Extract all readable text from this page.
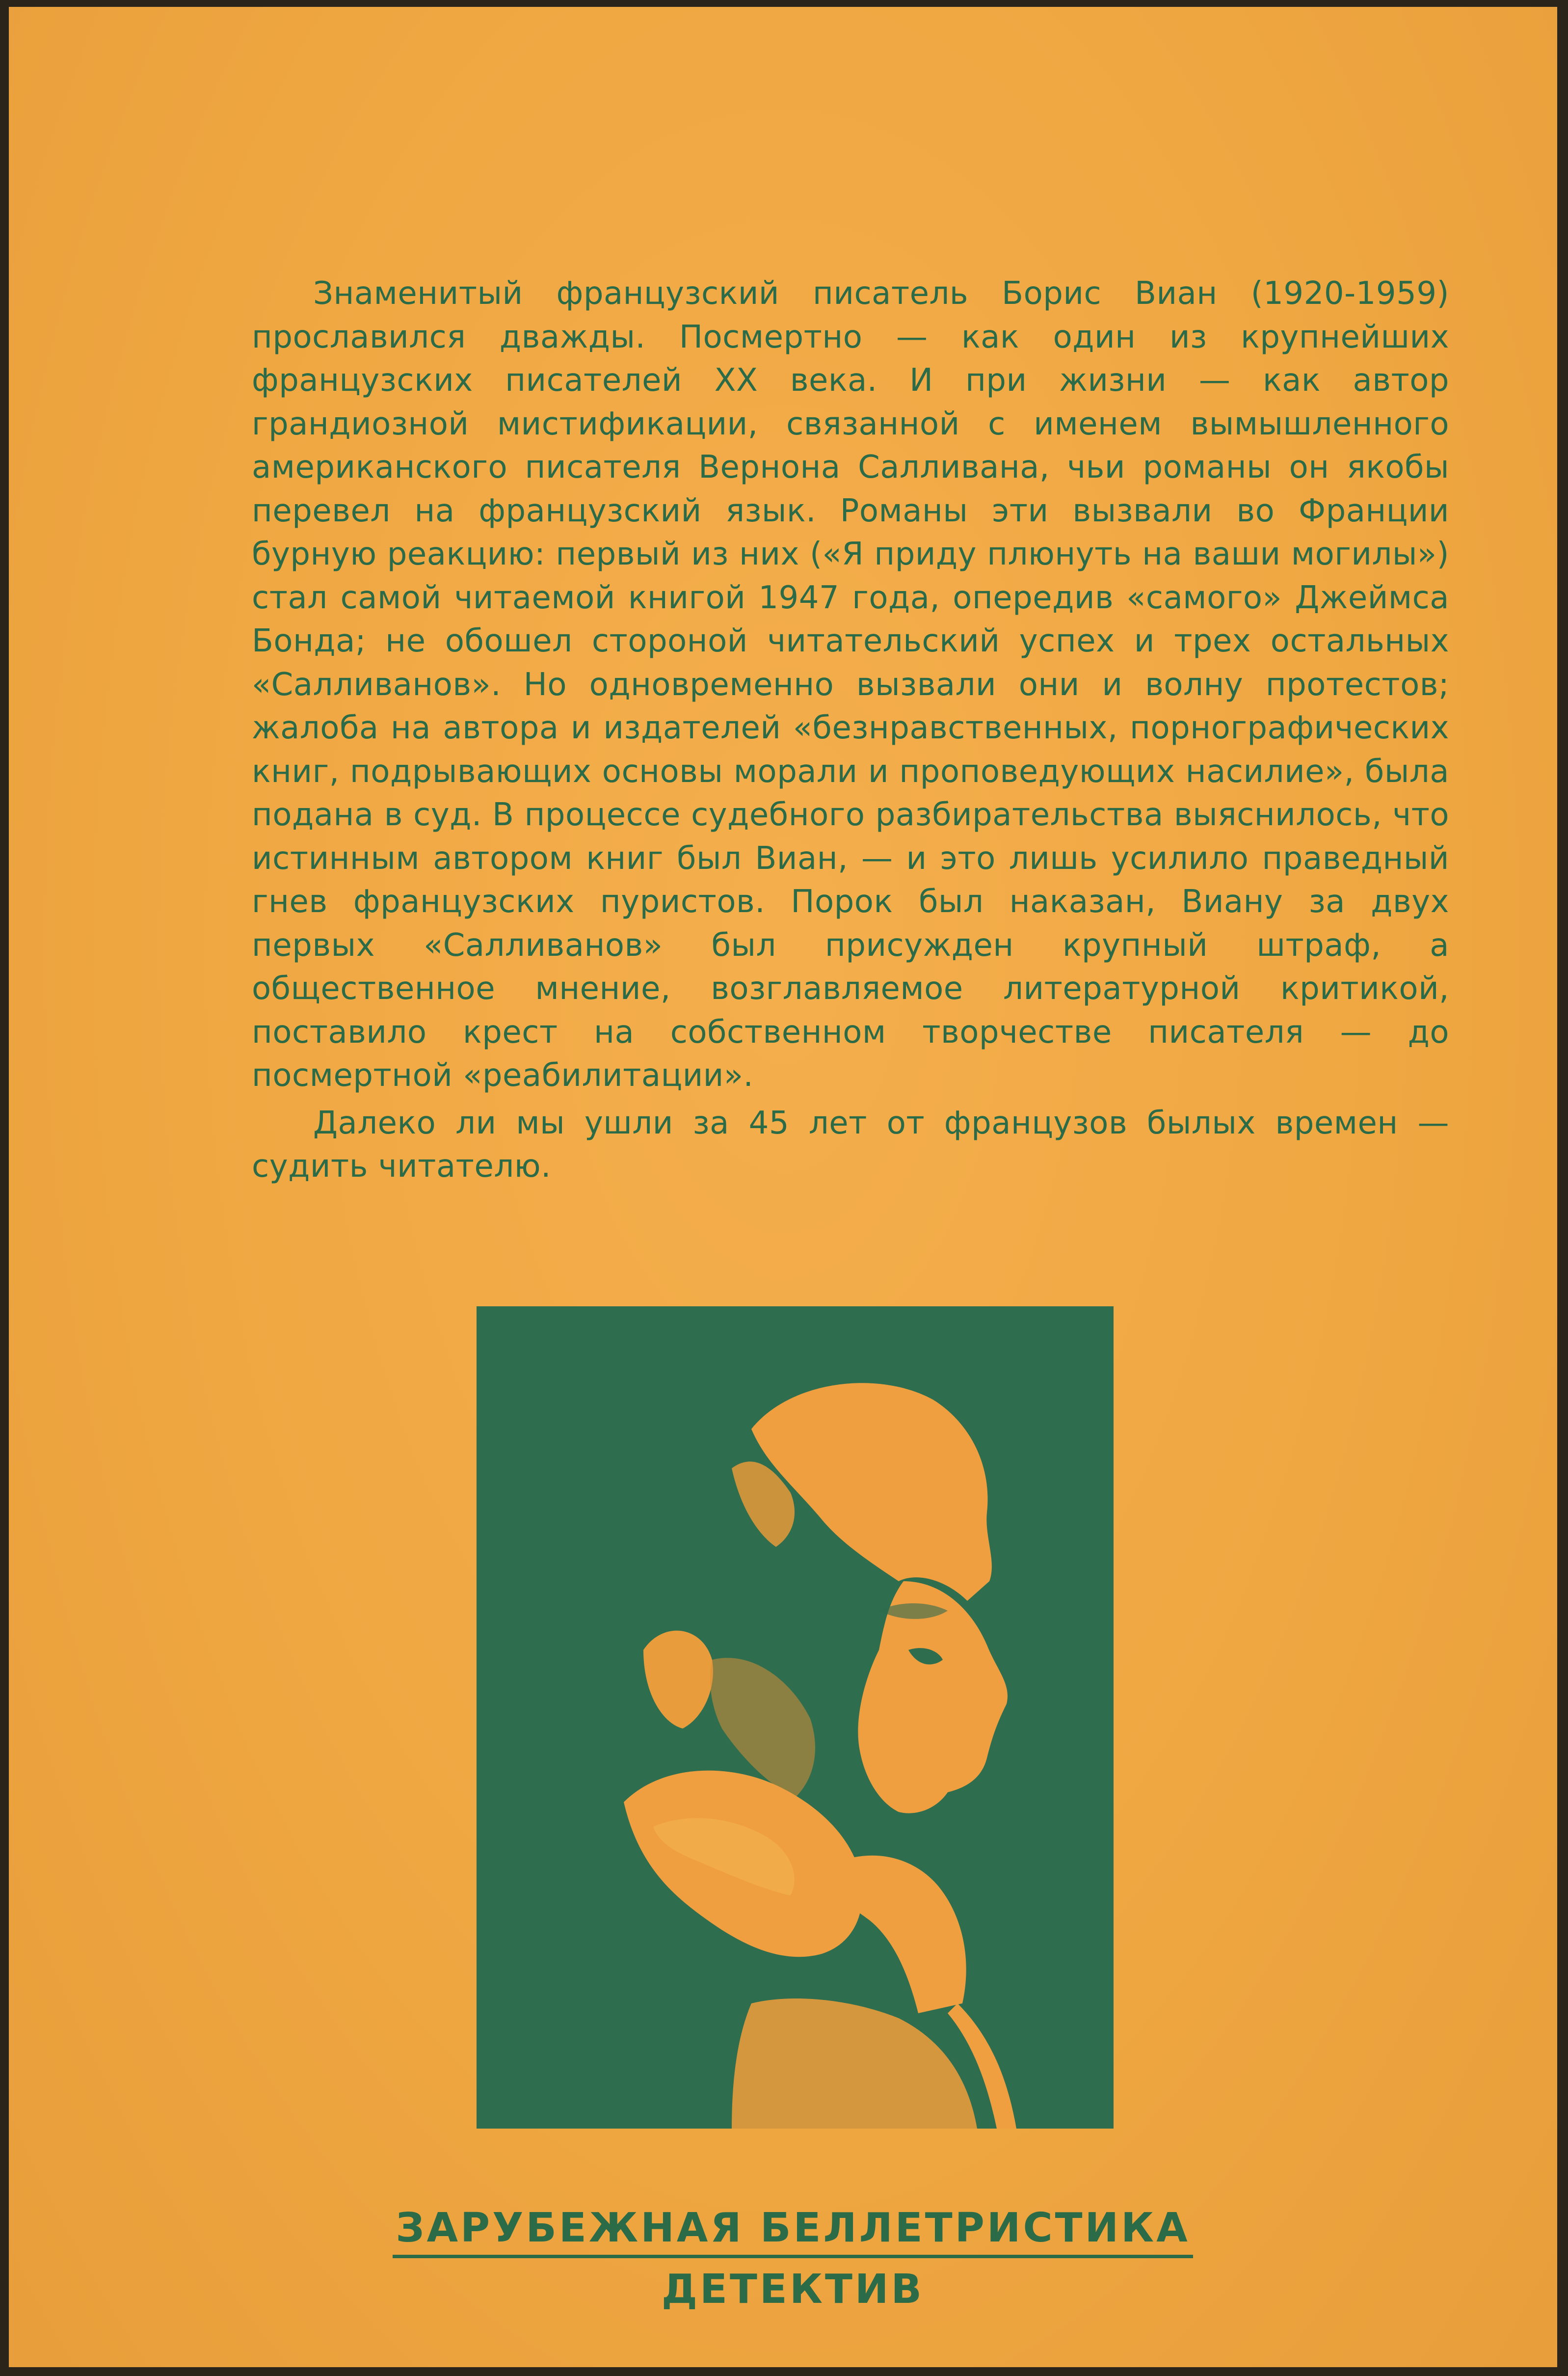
Знаменитый французский писатель Борис Виан (1920-1959) прославился дважды. Посмертно — как один из крупнейших французских писателей XX века. И при жизни — как автор грандиозной мистификации, связанной с именем вымышленного американского писателя Вернона Салливана, чьи романы он якобы перевел на французский язык. Романы эти вызвали во Франции бурную реакцию: первый из них («Я приду плюнуть на ваши могилы») стал самой читаемой книгой 1947 года, опередив «самого» Джеймса Бонда; не обошел стороной читательский успех и трех остальных «Салливанов». Но одновременно вызвали они и волну протестов; жалоба на автора и издателей «безнравственных, порнографических книг, подрывающих основы морали и проповедующих насилие», была подана в суд. В процессе судебного разбирательства выяснилось, что истинным автором книг был Виан, — и это лишь усилило праведный гнев французских пуристов. Порок был наказан, Виану за двух первых «Салливанов» был присужден крупный штраф, а общественное мнение, возглавляемое литературной критикой, поставило крест на собственном творчестве писателя — до посмертной «реабилитации».

Далеко ли мы ушли за 45 лет от французов былых времен — судить читателю.

ЗАРУБЕЖНАЯ БЕЛЛЕТРИСТИКА
ДЕТЕКТИВ
